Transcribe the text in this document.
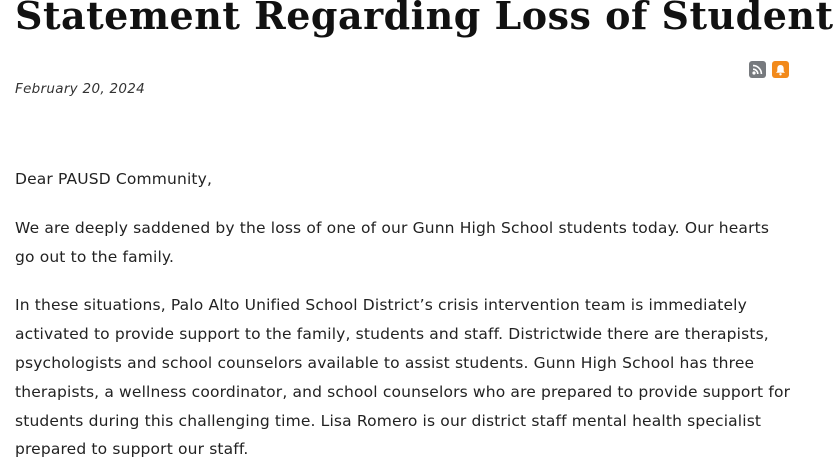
Statement Regarding Loss of Student
February 20, 2024

Dear PAUSD Community,

We are deeply saddened by the loss of one of our Gunn High School students today. Our hearts go out to the family.

In these situations, Palo Alto Unified School District’s crisis intervention team is immediately activated to provide support to the family, students and staff. Districtwide there are therapists, psychologists and school counselors available to assist students. Gunn High School has three therapists, a wellness coordinator, and school counselors who are prepared to provide support for students during this challenging time. Lisa Romero is our district staff mental health specialist prepared to support our staff.
